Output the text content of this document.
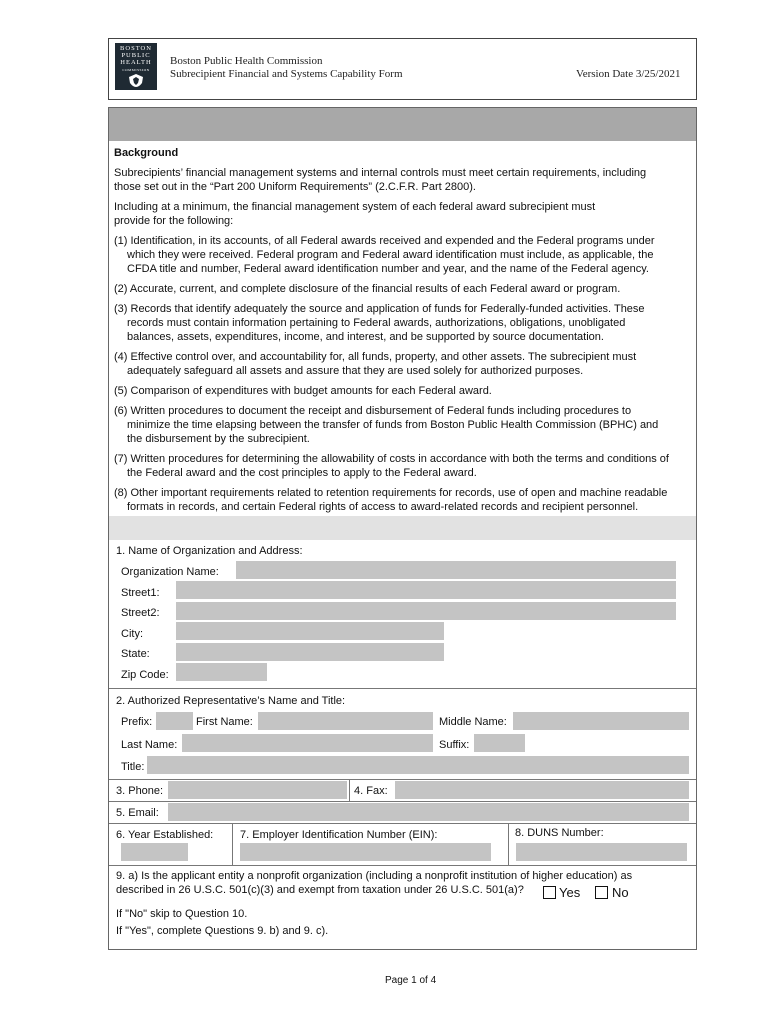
BOSTON
PUBLIC
HEALTH
COMMISSION
Boston Public Health Commission
Subrecipient Financial and Systems Capability Form	Version Date 3/25/2021
Background
Subrecipients’ financial management systems and internal controls must meet certain requirements, including
those set out in the “Part 200 Uniform Requirements” (2.C.F.R. Part 2800).
Including at a minimum, the financial management system of each federal award subrecipient must
provide for the following:
(1) Identification, in its accounts, of all Federal awards received and expended and the Federal programs under
which they were received. Federal program and Federal award identification must include, as applicable, the
CFDA title and number, Federal award identification number and year, and the name of the Federal agency.
(2) Accurate, current, and complete disclosure of the financial results of each Federal award or program.
(3) Records that identify adequately the source and application of funds for Federally-funded activities. These
records must contain information pertaining to Federal awards, authorizations, obligations, unobligated
balances, assets, expenditures, income, and interest, and be supported by source documentation.
(4) Effective control over, and accountability for, all funds, property, and other assets. The subrecipient must
adequately safeguard all assets and assure that they are used solely for authorized purposes.
(5) Comparison of expenditures with budget amounts for each Federal award.
(6) Written procedures to document the receipt and disbursement of Federal funds including procedures to
minimize the time elapsing between the transfer of funds from Boston Public Health Commission (BPHC) and
the disbursement by the subrecipient.
(7) Written procedures for determining the allowability of costs in accordance with both the terms and conditions of
the Federal award and the cost principles to apply to the Federal award.
(8) Other important requirements related to retention requirements for records, use of open and machine readable
formats in records, and certain Federal rights of access to award-related records and recipient personnel.
1. Name of Organization and Address:
Organization Name:
Street1:
Street2:
City:
State:
Zip Code:
2. Authorized Representative’s Name and Title:
Prefix:	First Name:	Middle Name:
Last Name:	Suffix:
Title:
3. Phone:	4. Fax:
5. Email:
6. Year Established: 7. Employer Identification Number (EIN):	8. DUNS Number:
9. a) Is the applicant entity a nonprofit organization (including a nonprofit institution of higher education) as
described in 26 U.S.C. 501(c)(3) and exempt from taxation under 26 U.S.C. 501(a)?	Yes No
If "No" skip to Question 10.
If "Yes", complete Questions 9. b) and 9. c).
Page 1 of 4
